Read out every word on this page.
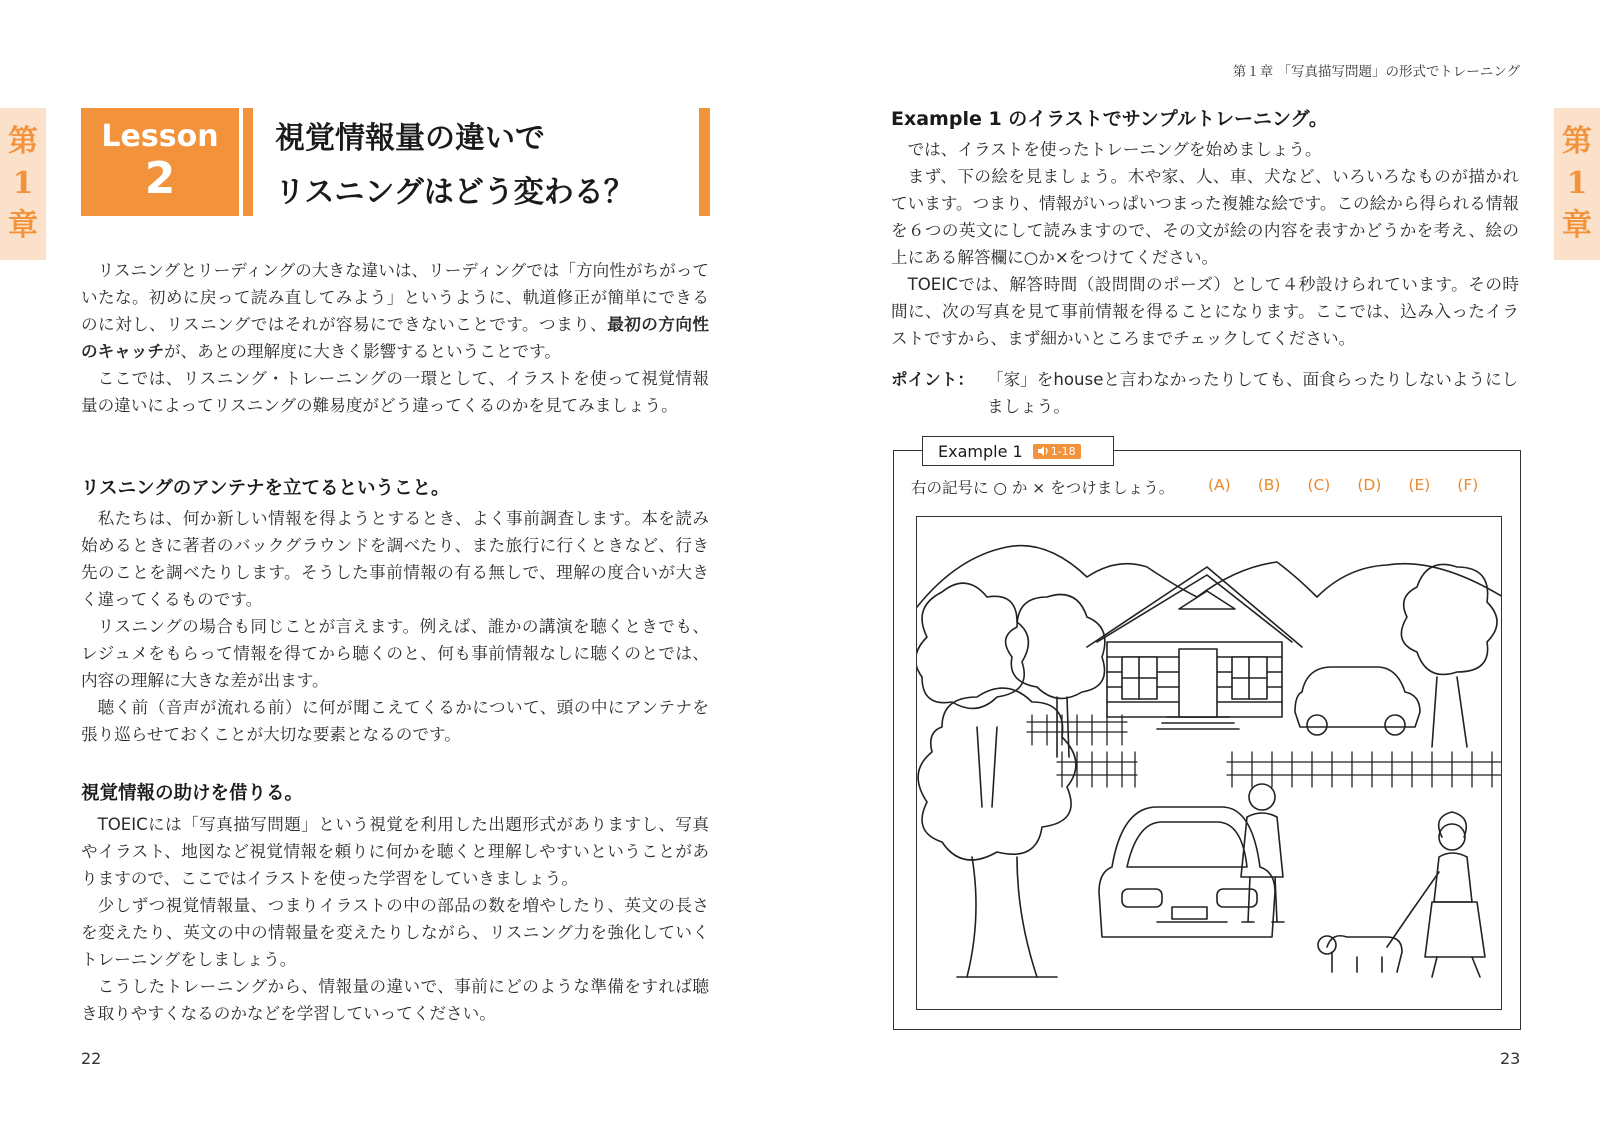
第
1
章
第
1
章
第１章 「写真描写問題」の形式でトレーニング
Lesson
2
視覚情報量の違いで
リスニングはどう変わる？

リスニングとリーディングの大きな違いは、リーディングでは「方向性がちがっていたな。初めに戻って読み直してみよう」というように、軌道修正が簡単にできるのに対し、リスニングではそれが容易にできないことです。つまり、最初の方向性のキャッチが、あとの理解度に大きく影響するということです。

ここでは、リスニング・トレーニングの一環として、イラストを使って視覚情報量の違いによってリスニングの難易度がどう違ってくるのかを見てみましょう。

リスニングのアンテナを立てるということ。

私たちは、何か新しい情報を得ようとするとき、よく事前調査します。本を読み始めるときに著者のバックグラウンドを調べたり、また旅行に行くときなど、行き先のことを調べたりします。そうした事前情報の有る無しで、理解の度合いが大きく違ってくるものです。

リスニングの場合も同じことが言えます。例えば、誰かの講演を聴くときでも、レジュメをもらって情報を得てから聴くのと、何も事前情報なしに聴くのとでは、内容の理解に大きな差が出ます。

聴く前（音声が流れる前）に何が聞こえてくるかについて、頭の中にアンテナを張り巡らせておくことが大切な要素となるのです。

視覚情報の助けを借りる。

TOEICには「写真描写問題」という視覚を利用した出題形式がありますし、写真やイラスト、地図など視覚情報を頼りに何かを聴くと理解しやすいということがありますので、ここではイラストを使った学習をしていきましょう。

少しずつ視覚情報量、つまりイラストの中の部品の数を増やしたり、英文の長さを変えたり、英文の中の情報量を変えたりしながら、リスニング力を強化していくトレーニングをしましょう。

こうしたトレーニングから、情報量の違いで、事前にどのような準備をすれば聴き取りやすくなるのかなどを学習していってください。

22
Example 1 のイラストでサンプルトレーニング。

では、イラストを使ったトレーニングを始めましょう。

まず、下の絵を見ましょう。木や家、人、車、犬など、いろいろなものが描かれています。つまり、情報がいっぱいつまった複雑な絵です。この絵から得られる情報を６つの英文にして読みますので、その文が絵の内容を表すかどうかを考え、絵の上にある解答欄に○か×をつけてください。

TOEICでは、解答時間（設問間のポーズ）として４秒設けられています。その時間に、次の写真を見て事前情報を得ることになります。ここでは、込み入ったイラストですから、まず細かいところまでチェックしてください。

ポイント： 「家」をhouseと言わなかったりしても、面食らったりしないようにしましょう。
Example 1	1-18
右の記号に ○ か × をつけましょう。 (A) (B) (C) (D) (E) (F)
23
